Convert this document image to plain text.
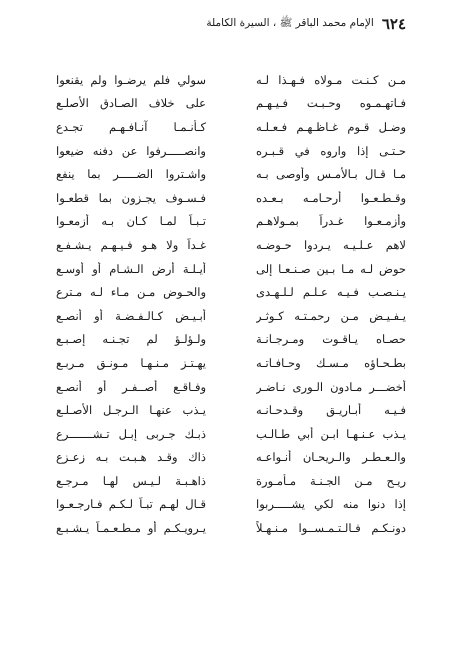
٦٢٤
الإمام محمد الباقر ﷺ ، السيرة الكاملة
مـن كـنـت مـولاه فـهـذا لـه
سولي فلم يرضـوا ولم يقنعوا
فـاتهـمـوه وحـبـت فـيـهـم
على خلاف الصـادق الأصلـع
وضـل قـوم غـاظـهـم فـعـلـه
كـأنـمـا آنـافـهـم تجـدع
حـتـى إذا واروه في قـبـره
وانصـــــرفوا عن دفنه ضيعوا
مـا قـال بـالأمـس وأوصى بـه
واشـتروا الضـــــر بما ينفع
وقـطـعـوا أرحـامـه بـعـده
فـسـوف يجـزون بما قطعـوا
وأزمـعـوا غـدراً بمـولاهـم
تـبـاً لمـا كـان بـه أزمعـوا
لاهم عـلـيـه يـردوا حـوضـه
غـداً ولا هـو فـيـهـم يـشـفـع
حوض لـه مـا بـين صـنـعـا إلى
أيـلـة أرض الـشـام أو أوسـع
يـنـصـب فـيـه عـلـم لـلـهـدى
والحـوض مـن مـاء لـه مـترع
يـفـيـض مـن رحمـتـه كـوثـر
أبـيـض كـالـفـضـة أو أنصـع
حصـاه يـاقـوت ومـرجـانـة
ولـؤلـؤ لم تجـنـه إصـبـع
بطـحـاؤه مـسـك وحـافـاتـه
يهـتـز مـنـهـا مـونـق مـربـع
أخضـــر مـادون الـورى نـاضـر
وفـاقـع أصــفـر أو أنصـع
فـيـه أبـاريـق وقـدحـانـه
يـذب عنهـا الـرجـل الأصـلـع
يـذب عـنـهـا ابـن أبي طـالـب
ذبـك جـربى إبـل تـشـــــــرع
والـعـطـر والـريحـان أنـواعـه
ذاك وقـد هـبـت بـه زعـزع
ريـح مـن الجـنـة مـأمـورة
ذاهـبـة لـيـس لهـا مـرجـع
إذا دنوا منه لكي يشـــــربوا
قـال لهـم تبـاً لـكـم فـارجـعـوا
دونـكـم فـالـتـمـســوا مـنـهـلاً
يـرويـكـم أو مـطـعـمـاً يـشـبـع
